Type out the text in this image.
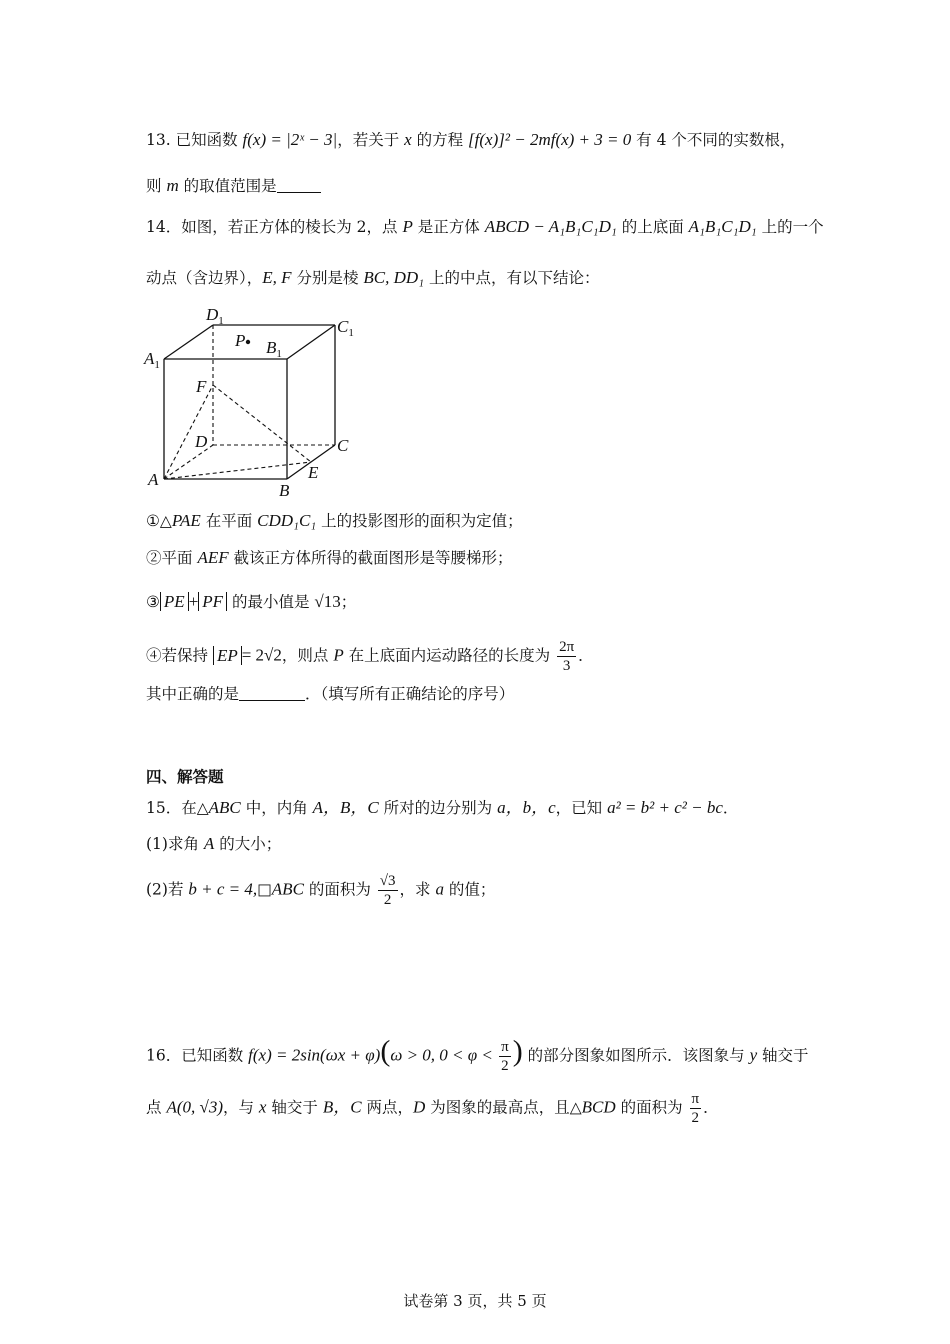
13. 已知函数 f(x) = |2ˣ − 3|，若关于 x 的方程 [f(x)]² − 2mf(x) + 3 = 0 有 4 个不同的实数根，
则 m 的取值范围是
14．如图，若正方体的棱长为 2，点 P 是正方体 ABCD − A₁B₁C₁D₁ 的上底面 A₁B₁C₁D₁ 上的一个
动点（含边界），E, F 分别是棱 BC, DD₁ 上的中点，有以下结论：
$D_1$	$C_1$
$A_1$
$B_1$
P
F
D	C
A
B
E
①△PAE 在平面 CDD₁C₁ 上的投影图形的面积为定值；
②平面 AEF 截该正方体所得的截面图形是等腰梯形；
③ PE + PF 的最小值是 √13；
④若保持 EP = 2√2，则点 P 在上底面内运动路径的长度为 $\frac{2\pi}{3}$ ．
其中正确的是	．（填写所有正确结论的序号）
四、解答题
15．在△ABC 中，内角 A，B，C 所对的边分别为 a，b，c，已知 a² = b² + c² − bc．
(1)求角 A 的大小；
(2)若 b + c = 4,□ABC 的面积为 $\frac{√3}{2}$ ，求 a 的值；
16．已知函数 f(x) = 2sin(ωx + φ)(ω > 0, $0 < \varphi < \frac{\pi}{2}$ ) 的部分图象如图所示．该图象与 y 轴交于
点 A(0, √3)，与 x 轴交于 B，C 两点，D 为图象的最高点，且△BCD 的面积为 $\frac{\pi}{2}$ ．
试卷第 3 页，共 5 页
